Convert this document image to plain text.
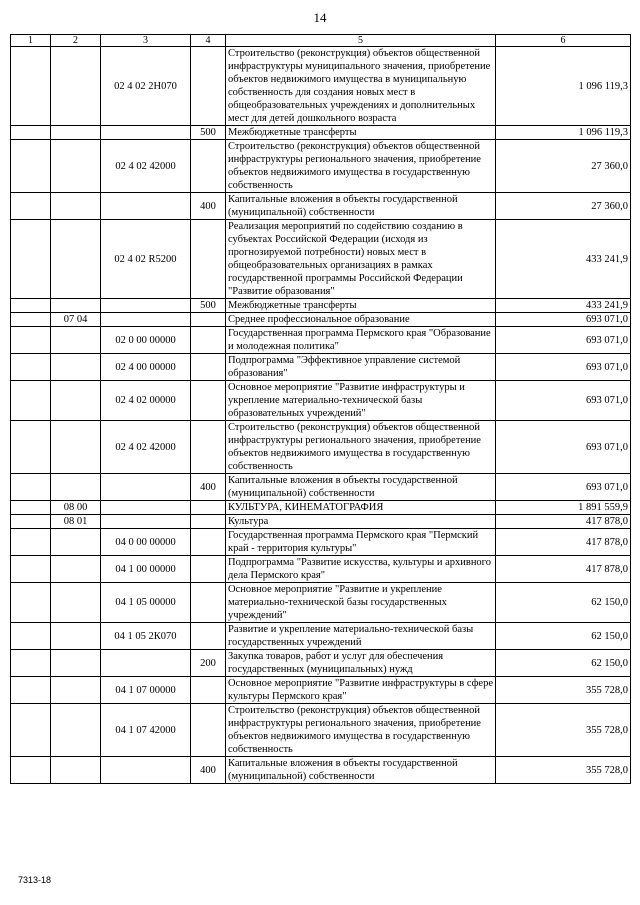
14
1	2	3	4	5	6
		02 4 02 2Н070		Строительство (реконструкция) объектов общественной инфраструктуры муниципального значения, приобретение объектов недвижимого имущества в муниципальную собственность для создания новых мест в общеобразовательных учреждениях и дополнительных мест для детей дошкольного возраста	1 096 119,3
			500	Межбюджетные трансферты	1 096 119,3
		02 4 02 42000		Строительство (реконструкция) объектов общественной инфраструктуры регионального значения, приобретение объектов недвижимого имущества в государственную собственность	27 360,0
			400	Капитальные вложения в объекты государственной (муниципальной) собственности	27 360,0
		02 4 02 R5200		Реализация мероприятий по содействию созданию в субъектах Российской Федерации (исходя из прогнозируемой потребности) новых мест в общеобразовательных организациях в рамках государственной программы Российской Федерации "Развитие образования"	433 241,9
			500	Межбюджетные трансферты	433 241,9
	07 04			Среднее профессиональное образование	693 071,0
		02 0 00 00000		Государственная программа Пермского края "Образование и молодежная политика"	693 071,0
		02 4 00 00000		Подпрограмма "Эффективное управление системой образования"	693 071,0
		02 4 02 00000		Основное мероприятие "Развитие инфраструктуры и укрепление материально-технической базы образовательных учреждений"	693 071,0
		02 4 02 42000		Строительство (реконструкция) объектов общественной инфраструктуры регионального значения, приобретение объектов недвижимого имущества в государственную собственность	693 071,0
			400	Капитальные вложения в объекты государственной (муниципальной) собственности	693 071,0
	08 00			КУЛЬТУРА, КИНЕМАТОГРАФИЯ	1 891 559,9
	08 01			Культура	417 878,0
		04 0 00 00000		Государственная программа Пермского края "Пермский край - территория культуры"	417 878,0
		04 1 00 00000		Подпрограмма "Развитие искусства, культуры и архивного дела Пермского края"	417 878,0
		04 1 05 00000		Основное мероприятие "Развитие и укрепление материально-технической базы государственных учреждений"	62 150,0
		04 1 05 2К070		Развитие и укрепление материально-технической базы государственных учреждений	62 150,0
			200	Закупка товаров, работ и услуг для обеспечения государственных (муниципальных) нужд	62 150,0
		04 1 07 00000		Основное мероприятие "Развитие инфраструктуры в сфере культуры Пермского края"	355 728,0
		04 1 07 42000		Строительство (реконструкция) объектов общественной инфраструктуры регионального значения, приобретение объектов недвижимого имущества в государственную собственность	355 728,0
			400	Капитальные вложения в объекты государственной (муниципальной) собственности	355 728,0
7313-18
